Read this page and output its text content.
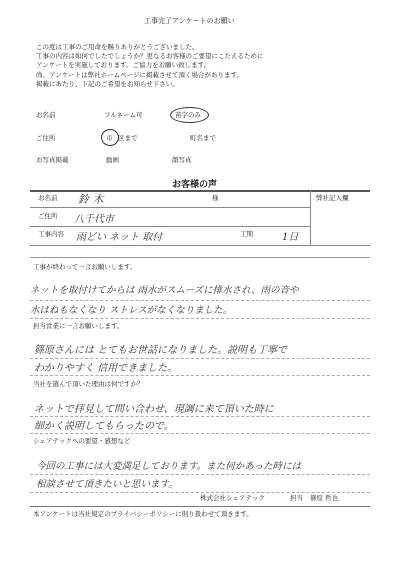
工事完了アンケートのお願い
この度は工事のご用命を賜りありがとうございました。
工事の内容は如何でしたでしょうか？更なるお客様のご要望にこたえるために
アンケートを実施しております。ご協力をお願い致します。
尚、アンケートは弊社ホームページに掲載させて頂く場合があります。
掲載にあたり、下記のご希望をお知らせ下さい。
お名前	フルネーム可	苗字のみ
ご住所	市 区まで	町名まで
お写真掲載	動画	顔写真
お客様の声
お名前 鈴 木	様	弊社記入欄
ご住所 八千代市
工事内容 雨どい ネット 取付	工期	1日
工事が終わって一言お願いします。
ネットを取付けてからは 雨水がスムーズに排水され、雨の音や
水はねもなくなり ストレスがなくなりました。
担当営業に一言お願いします。
篠原さんには とてもお世話になりました。説明も丁寧で
わかりやすく 信用できました。
当社を選んで頂いた理由は何ですか？
ネットで拝見して問い合わせ、現調に来て頂いた時に
細かく説明してもらったので。
シェアテックへの要望・感想など
今回の工事には大変満足しております。また何かあった時には
相談させて頂きたいと思います。
株式会社シェアテック	担当 篠原 哲也
本アンケートは当社規定のプライバシーポリシーに則り扱わせて頂きます。
